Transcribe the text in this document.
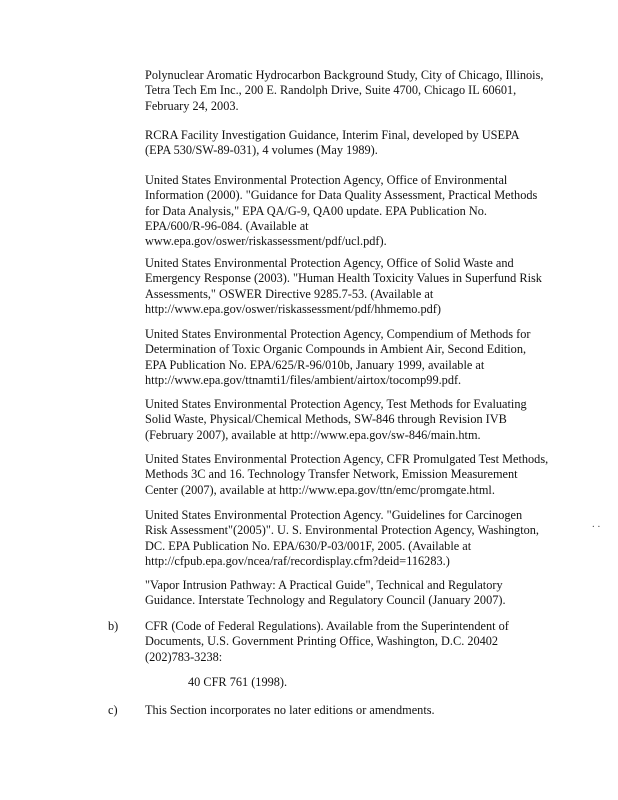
Polynuclear Aromatic Hydrocarbon Background Study, City of Chicago, Illinois,
Tetra Tech Em Inc., 200 E. Randolph Drive, Suite 4700, Chicago IL 60601,
February 24, 2003.
RCRA Facility Investigation Guidance, Interim Final, developed by USEPA
(EPA 530/SW-89-031), 4 volumes (May 1989).
United States Environmental Protection Agency, Office of Environmental
Information (2000). "Guidance for Data Quality Assessment, Practical Methods
for Data Analysis," EPA QA/G-9, QA00 update. EPA Publication No.
EPA/600/R-96-084. (Available at
www.epa.gov/oswer/riskassessment/pdf/ucl.pdf).
United States Environmental Protection Agency, Office of Solid Waste and
Emergency Response (2003). "Human Health Toxicity Values in Superfund Risk
Assessments," OSWER Directive 9285.7-53. (Available at
http://www.epa.gov/oswer/riskassessment/pdf/hhmemo.pdf)
United States Environmental Protection Agency, Compendium of Methods for
Determination of Toxic Organic Compounds in Ambient Air, Second Edition,
EPA Publication No. EPA/625/R-96/010b, January 1999, available at
http://www.epa.gov/ttnamti1/files/ambient/airtox/tocomp99.pdf.
United States Environmental Protection Agency, Test Methods for Evaluating
Solid Waste, Physical/Chemical Methods, SW-846 through Revision IVB
(February 2007), available at http://www.epa.gov/sw-846/main.htm.
United States Environmental Protection Agency, CFR Promulgated Test Methods,
Methods 3C and 16. Technology Transfer Network, Emission Measurement
Center (2007), available at http://www.epa.gov/ttn/emc/promgate.html.
United States Environmental Protection Agency. "Guidelines for Carcinogen
Risk Assessment"(2005)". U. S. Environmental Protection Agency, Washington,
DC. EPA Publication No. EPA/630/P-03/001F, 2005. (Available at
http://cfpub.epa.gov/ncea/raf/recordisplay.cfm?deid=116283.)
. .
"Vapor Intrusion Pathway: A Practical Guide", Technical and Regulatory
Guidance. Interstate Technology and Regulatory Council (January 2007).
b) CFR (Code of Federal Regulations). Available from the Superintendent of
Documents, U.S. Government Printing Office, Washington, D.C. 20402
(202)783-3238:
40 CFR 761 (1998).
c) This Section incorporates no later editions or amendments.
